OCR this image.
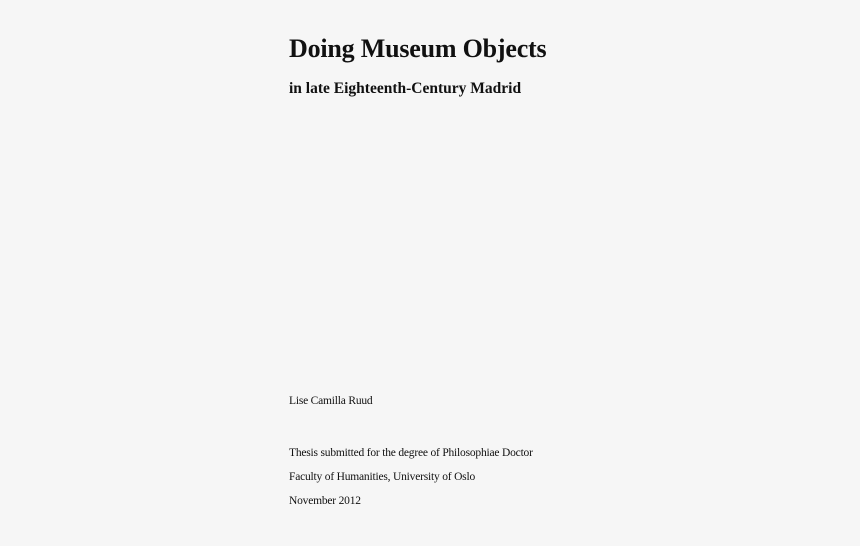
Doing Museum Objects
in late Eighteenth-Century Madrid

Lise Camilla Ruud

Thesis submitted for the degree of Philosophiae Doctor

Faculty of Humanities, University of Oslo

November 2012
